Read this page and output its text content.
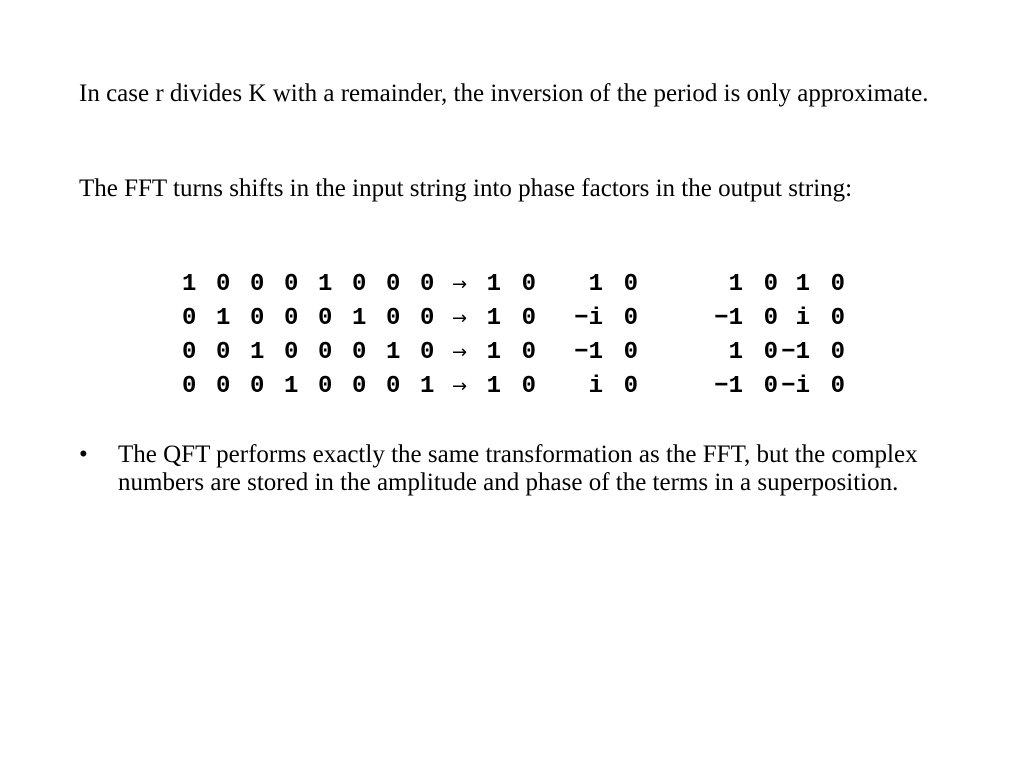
In case r divides K with a remainder, the inversion of the period is only approximate.
The FFT turns shifts in the input string into phase factors in the output string:
1 0 0 0 1 0 0 0 → 1 0 1 0	1 0 1 0
0 1 0 0 0 1 0 0 → 1 0 −i 0	−1 0 i 0
0 0 1 0 0 0 1 0 → 1 0 −1 0	1 0 −1 0
0 0 0 1 0 0 0 1 → 1 0 i 0	−1 0 −i 0
• The QFT performs exactly the same transformation as the FFT, but the complex numbers are stored in the amplitude and phase of the terms in a superposition.
